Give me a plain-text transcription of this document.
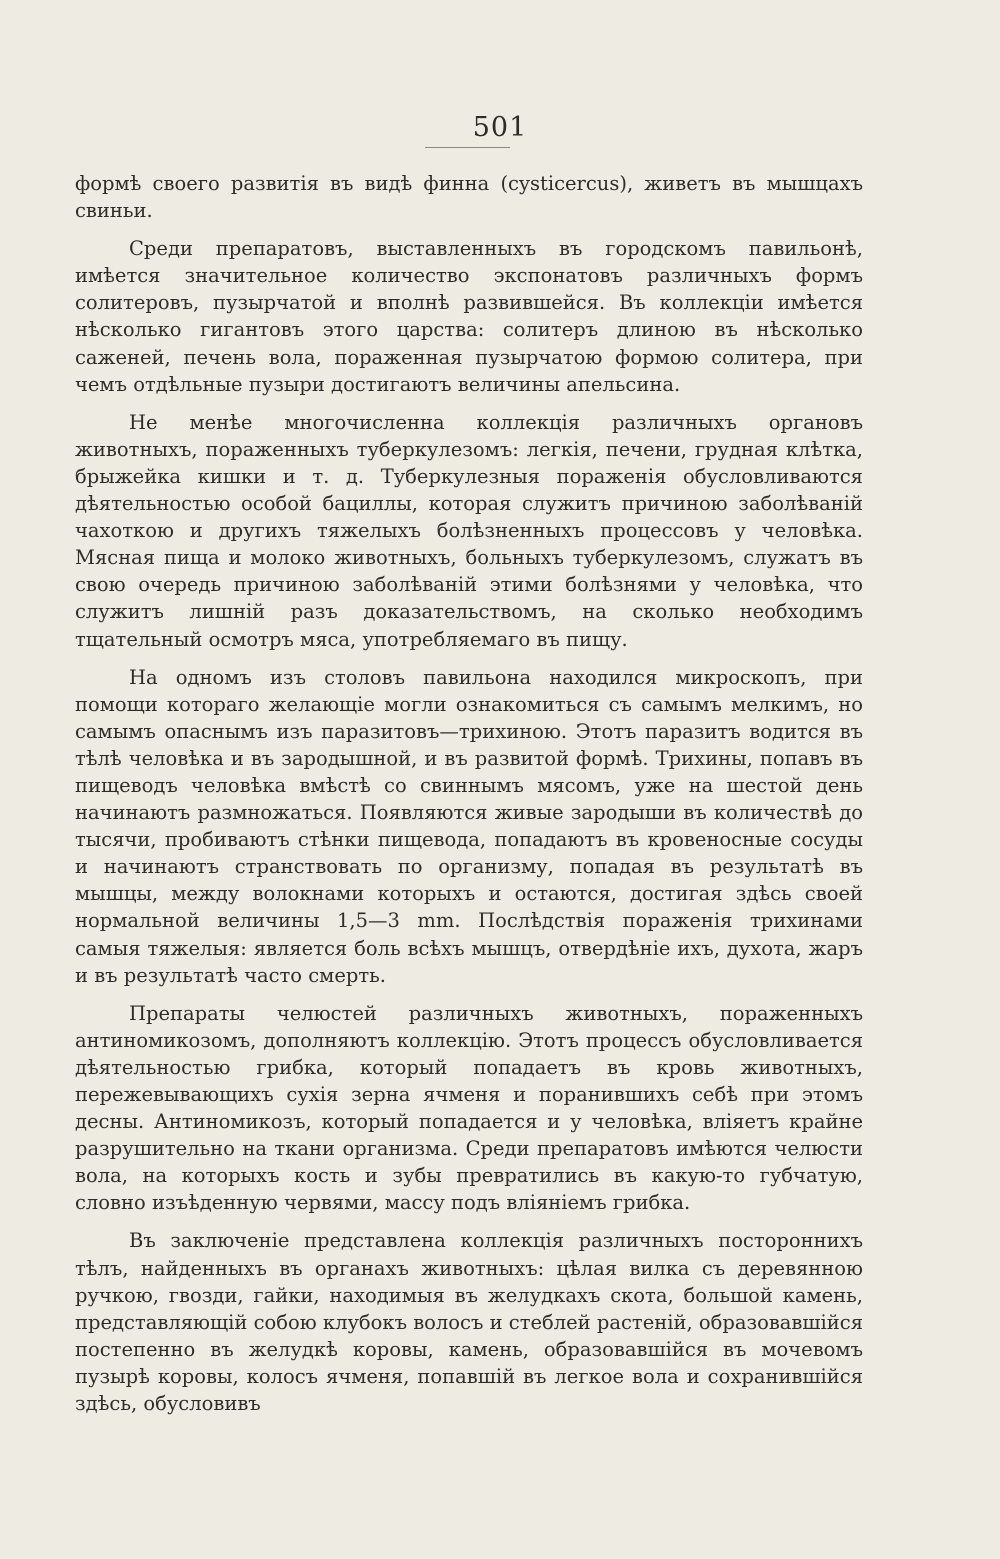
501

формѣ своего развитія въ видѣ финна (cysticercus), живетъ въ мышцахъ свиньи.

Среди препаратовъ, выставленныхъ въ городскомъ павильонѣ, имѣется значительное количество экспонатовъ различныхъ формъ солитеровъ, пузырчатой и вполнѣ развившейся. Въ коллекціи имѣется нѣсколько гигантовъ этого царства: солитеръ длиною въ нѣсколько саженей, печень вола, пораженная пузырчатою формою солитера, при чемъ отдѣльные пузыри достигаютъ величины апельсина.

Не менѣе многочисленна коллекція различныхъ органовъ животныхъ, пораженныхъ туберкулезомъ: легкія, печени, грудная клѣтка, брыжейка кишки и т. д. Туберкулезныя пораженія обусловливаются дѣятельностью особой бациллы, которая служитъ причиною заболѣваній чахоткою и другихъ тяжелыхъ болѣзненныхъ процессовъ у человѣка. Мясная пища и молоко животныхъ, больныхъ туберкулезомъ, служатъ въ свою очередь причиною заболѣваній этими болѣзнями у человѣка, что служитъ лишній разъ доказательствомъ, на сколько необходимъ тщательный осмотръ мяса, употребляемаго въ пищу.

На одномъ изъ столовъ павильона находился микроскопъ, при помощи котораго желающіе могли ознакомиться съ самымъ мелкимъ, но самымъ опаснымъ изъ паразитовъ—трихиною. Этотъ паразитъ водится въ тѣлѣ человѣка и въ зародышной, и въ развитой формѣ. Трихины, попавъ въ пищеводъ человѣка вмѣстѣ со свиннымъ мясомъ, уже на шестой день начинаютъ размножаться. Появляются живые зародыши въ количествѣ до тысячи, пробиваютъ стѣнки пищевода, попадаютъ въ кровеносные сосуды и начинаютъ странствовать по организму, попадая въ результатѣ въ мышцы, между волокнами которыхъ и остаются, достигая здѣсь своей нормальной величины 1,5—3 mm. Послѣдствія пораженія трихинами самыя тяжелыя: является боль всѣхъ мышцъ, отвердѣніе ихъ, духота, жаръ и въ результатѣ часто смерть.

Препараты челюстей различныхъ животныхъ, пораженныхъ антиномикозомъ, дополняютъ коллекцію. Этотъ процессъ обусловливается дѣятельностью грибка, который попадаетъ въ кровь животныхъ, пережевывающихъ сухія зерна ячменя и поранившихъ себѣ при этомъ десны. Антиномикозъ, который попадается и у человѣка, вліяетъ крайне разрушительно на ткани организма. Среди препаратовъ имѣются челюсти вола, на которыхъ кость и зубы превратились въ какую-то губчатую, словно изъѣденную червями, массу подъ вліяніемъ грибка.

Въ заключеніе представлена коллекція различныхъ постороннихъ тѣлъ, найденныхъ въ органахъ животныхъ: цѣлая вилка съ деревянною ручкою, гвозди, гайки, находимыя въ желудкахъ скота, большой камень, представляющій собою клубокъ волосъ и стеблей растеній, образовавшійся постепенно въ желудкѣ коровы, камень, образовавшійся въ мочевомъ пузырѣ коровы, колосъ ячменя, попавшій въ легкое вола и сохранившійся здѣсь, обусловивъ
